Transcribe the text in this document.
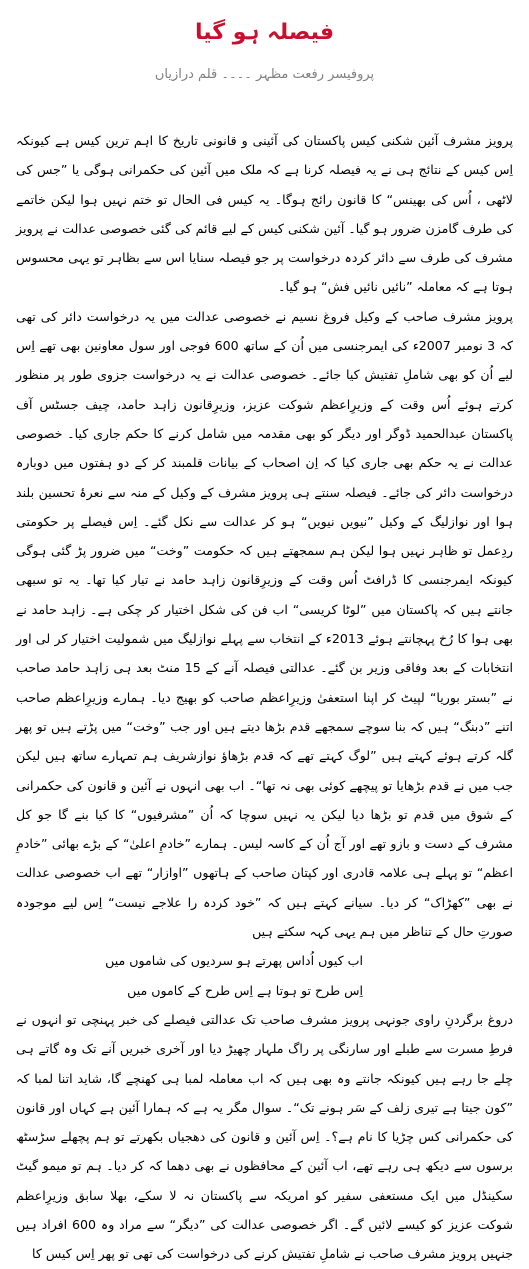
فیصلہ ہو گیا
پروفیسر رفعت مظہر ۔۔۔۔ قلم درازیاں

پرویز مشرف آئین شکنی کیس پاکستان کی آئینی و قانونی تاریخ کا اہم ترین کیس ہے کیونکہ اِس کیس کے نتائج ہی نے یہ فیصلہ کرنا ہے کہ ملک میں آئین کی حکمرانی ہوگی یا ”جس کی لاٹھی ، اُس کی بھینس“ کا قانون رائج ہوگا۔ یہ کیس فی الحال تو ختم نہیں ہوا لیکن خاتمے کی طرف گامزن ضرور ہو گیا۔ آئین شکنی کیس کے لیے قائم کی گئی خصوصی عدالت نے پرویز مشرف کی طرف سے دائر کردہ درخواست پر جو فیصلہ سنایا اس سے بظاہر تو یہی محسوس ہوتا ہے کہ معاملہ ”نائیں نائیں فش“ ہو گیا۔

پرویز مشرف صاحب کے وکیل فروغ نسیم نے خصوصی عدالت میں یہ درخواست دائر کی تھی کہ 3 نومبر 2007ء کی ایمرجنسی میں اُن کے ساتھ 600 فوجی اور سول معاونین بھی تھے اِس لیے اُن کو بھی شاملِ تفتیش کیا جائے۔ خصوصی عدالت نے یہ درخواست جزوی طور پر منظور کرتے ہوئے اُس وقت کے وزیرِاعظم شوکت عزیز، وزیرِقانون زاہد حامد، چیف جسٹس آف پاکستان عبدالحمید ڈوگر اور دیگر کو بھی مقدمہ میں شامل کرنے کا حکم جاری کیا۔ خصوصی عدالت نے یہ حکم بھی جاری کیا کہ اِن اصحاب کے بیانات قلمبند کر کے دو ہفتوں میں دوبارہ درخواست دائر کی جائے۔ فیصلہ سنتے ہی پرویز مشرف کے وکیل کے منہ سے نعرۂ تحسین بلند ہوا اور نوازلیگ کے وکیل ”نیویں نیویں“ ہو کر عدالت سے نکل گئے۔ اِس فیصلے پر حکومتی ردِعمل تو ظاہر نہیں ہوا لیکن ہم سمجھتے ہیں کہ حکومت ”وخت“ میں ضرور پڑ گئی ہوگی کیونکہ ایمرجنسی کا ڈرافٹ اُس وقت کے وزیرِقانون زاہد حامد نے تیار کیا تھا۔ یہ تو سبھی جانتے ہیں کہ پاکستان میں ”لوٹا کریسی“ اب فن کی شکل اختیار کر چکی ہے۔ زاہد حامد نے بھی ہوا کا رُخ پہچانتے ہوئے 2013ء کے انتخاب سے پہلے نوازلیگ میں شمولیت اختیار کر لی اور انتخابات کے بعد وفاقی وزیر بن گئے۔ عدالتی فیصلہ آنے کے 15 منٹ بعد ہی زاہد حامد صاحب نے ”بستر بوریا“ لپیٹ کر اپنا استعفیٰ وزیرِاعظم صاحب کو بھیج دیا۔ ہمارے وزیرِاعظم صاحب اتنے ”دبنگ“ ہیں کہ بنا سوچے سمجھے قدم بڑھا دیتے ہیں اور جب ”وخت“ میں پڑتے ہیں تو پھر گلہ کرتے ہوئے کہتے ہیں ”لوگ کہتے تھے کہ قدم بڑھاؤ نوازشریف ہم تمہارے ساتھ ہیں لیکن جب میں نے قدم بڑھایا تو پیچھے کوئی بھی نہ تھا“۔ اب بھی انہوں نے آئین و قانون کی حکمرانی کے شوق میں قدم تو بڑھا دیا لیکن یہ نہیں سوچا کہ اُن ”مشرفیوں“ کا کیا بنے گا جو کل مشرف کے دست و بازو تھے اور آج اُن کے کاسہ لیس۔ ہمارے ”خادمِ اعلیٰ“ کے بڑے بھائی ”خادمِ اعظم“ تو پہلے ہی علامہ قادری اور کپتان صاحب کے ہاتھوں ”اوازار“ تھے اب خصوصی عدالت نے بھی ”کھڑاک“ کر دیا۔ سیانے کہتے ہیں کہ ”خود کردہ را علاجے نیست“ اِس لیے موجودہ صورتِ حال کے تناظر میں ہم یہی کہہ سکتے ہیں

اب کیوں اُداس پھرتے ہو سردیوں کی شاموں میں
اِس طرح تو ہوتا ہے اِس طرح کے کاموں میں

دروغ برگردنِ راوی جونہی پرویز مشرف صاحب تک عدالتی فیصلے کی خبر پہنچی تو انہوں نے فرطِ مسرت سے طبلے اور سارنگی پر راگ ملہار چھیڑ دیا اور آخری خبریں آنے تک وہ گاتے ہی چلے جا رہے ہیں کیونکہ جانتے وہ بھی ہیں کہ اب معاملہ لمبا ہی کھنچے گا، شاید اتنا لمبا کہ ”کون جیتا ہے تیری زلف کے سَر ہونے تک“۔ سوال مگر یہ ہے کہ ہمارا آئین ہے کہاں اور قانون کی حکمرانی کس چڑیا کا نام ہے؟۔ اِس آئین و قانون کی دھجیاں بکھرتے تو ہم پچھلے سڑسٹھ برسوں سے دیکھ ہی رہے تھے، اب آئین کے محافظوں نے بھی دھما کہ کر دیا۔ ہم تو میمو گیٹ سکینڈل میں ایک مستعفی سفیر کو امریکہ سے پاکستان نہ لا سکے، بھلا سابق وزیرِاعظم شوکت عزیز کو کیسے لائیں گے۔ اگر خصوصی عدالت کی ”دیگر“ سے مراد وہ 600 افراد ہیں جنہیں پرویز مشرف صاحب نے شاملِ تفتیش کرنے کی درخواست کی تھی تو پھر اِس کیس کا
